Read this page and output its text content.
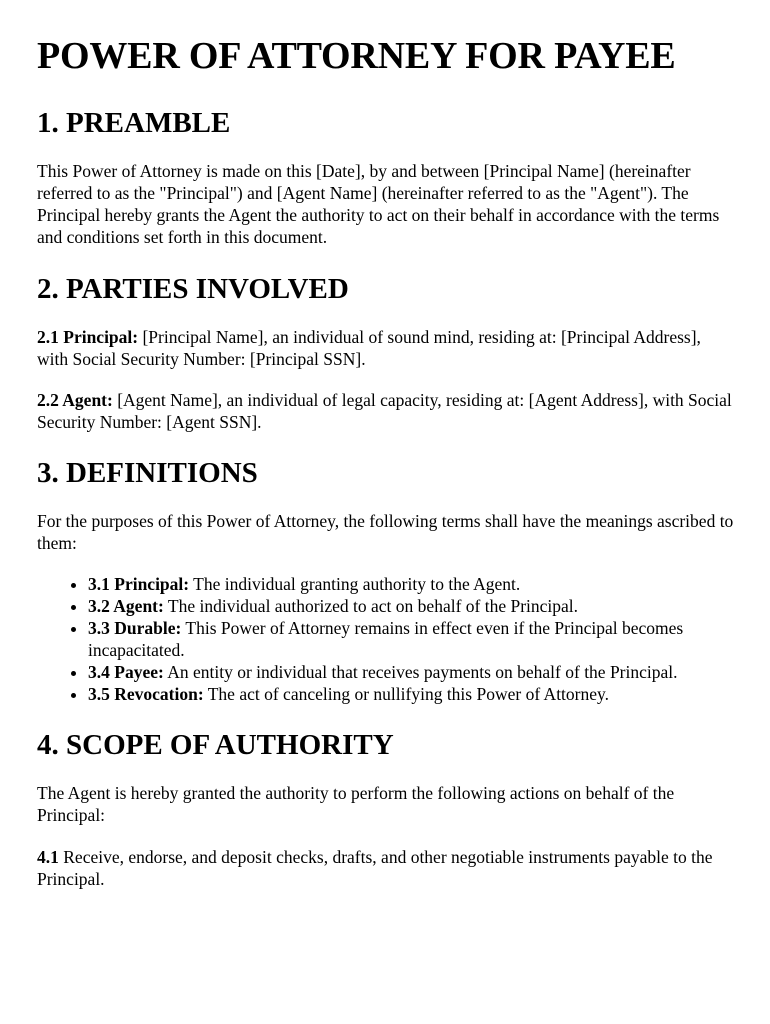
POWER OF ATTORNEY FOR PAYEE
1. PREAMBLE

This Power of Attorney is made on this [Date], by and between [Principal Name] (hereinafter referred to as the "Principal") and [Agent Name] (hereinafter referred to as the "Agent"). The Principal hereby grants the Agent the authority to act on their behalf in accordance with the terms and conditions set forth in this document.

2. PARTIES INVOLVED

2.1 Principal: [Principal Name], an individual of sound mind, residing at: [Principal Address], with Social Security Number: [Principal SSN].

2.2 Agent: [Agent Name], an individual of legal capacity, residing at: [Agent Address], with Social Security Number: [Agent SSN].

3. DEFINITIONS

For the purposes of this Power of Attorney, the following terms shall have the meanings ascribed to them:

• 3.1 Principal: The individual granting authority to the Agent.
• 3.2 Agent: The individual authorized to act on behalf of the Principal.
• 3.3 Durable: This Power of Attorney remains in effect even if the Principal becomes incapacitated.
• 3.4 Payee: An entity or individual that receives payments on behalf of the Principal.
• 3.5 Revocation: The act of canceling or nullifying this Power of Attorney.
4. SCOPE OF AUTHORITY

The Agent is hereby granted the authority to perform the following actions on behalf of the Principal:

4.1 Receive, endorse, and deposit checks, drafts, and other negotiable instruments payable to the Principal.
